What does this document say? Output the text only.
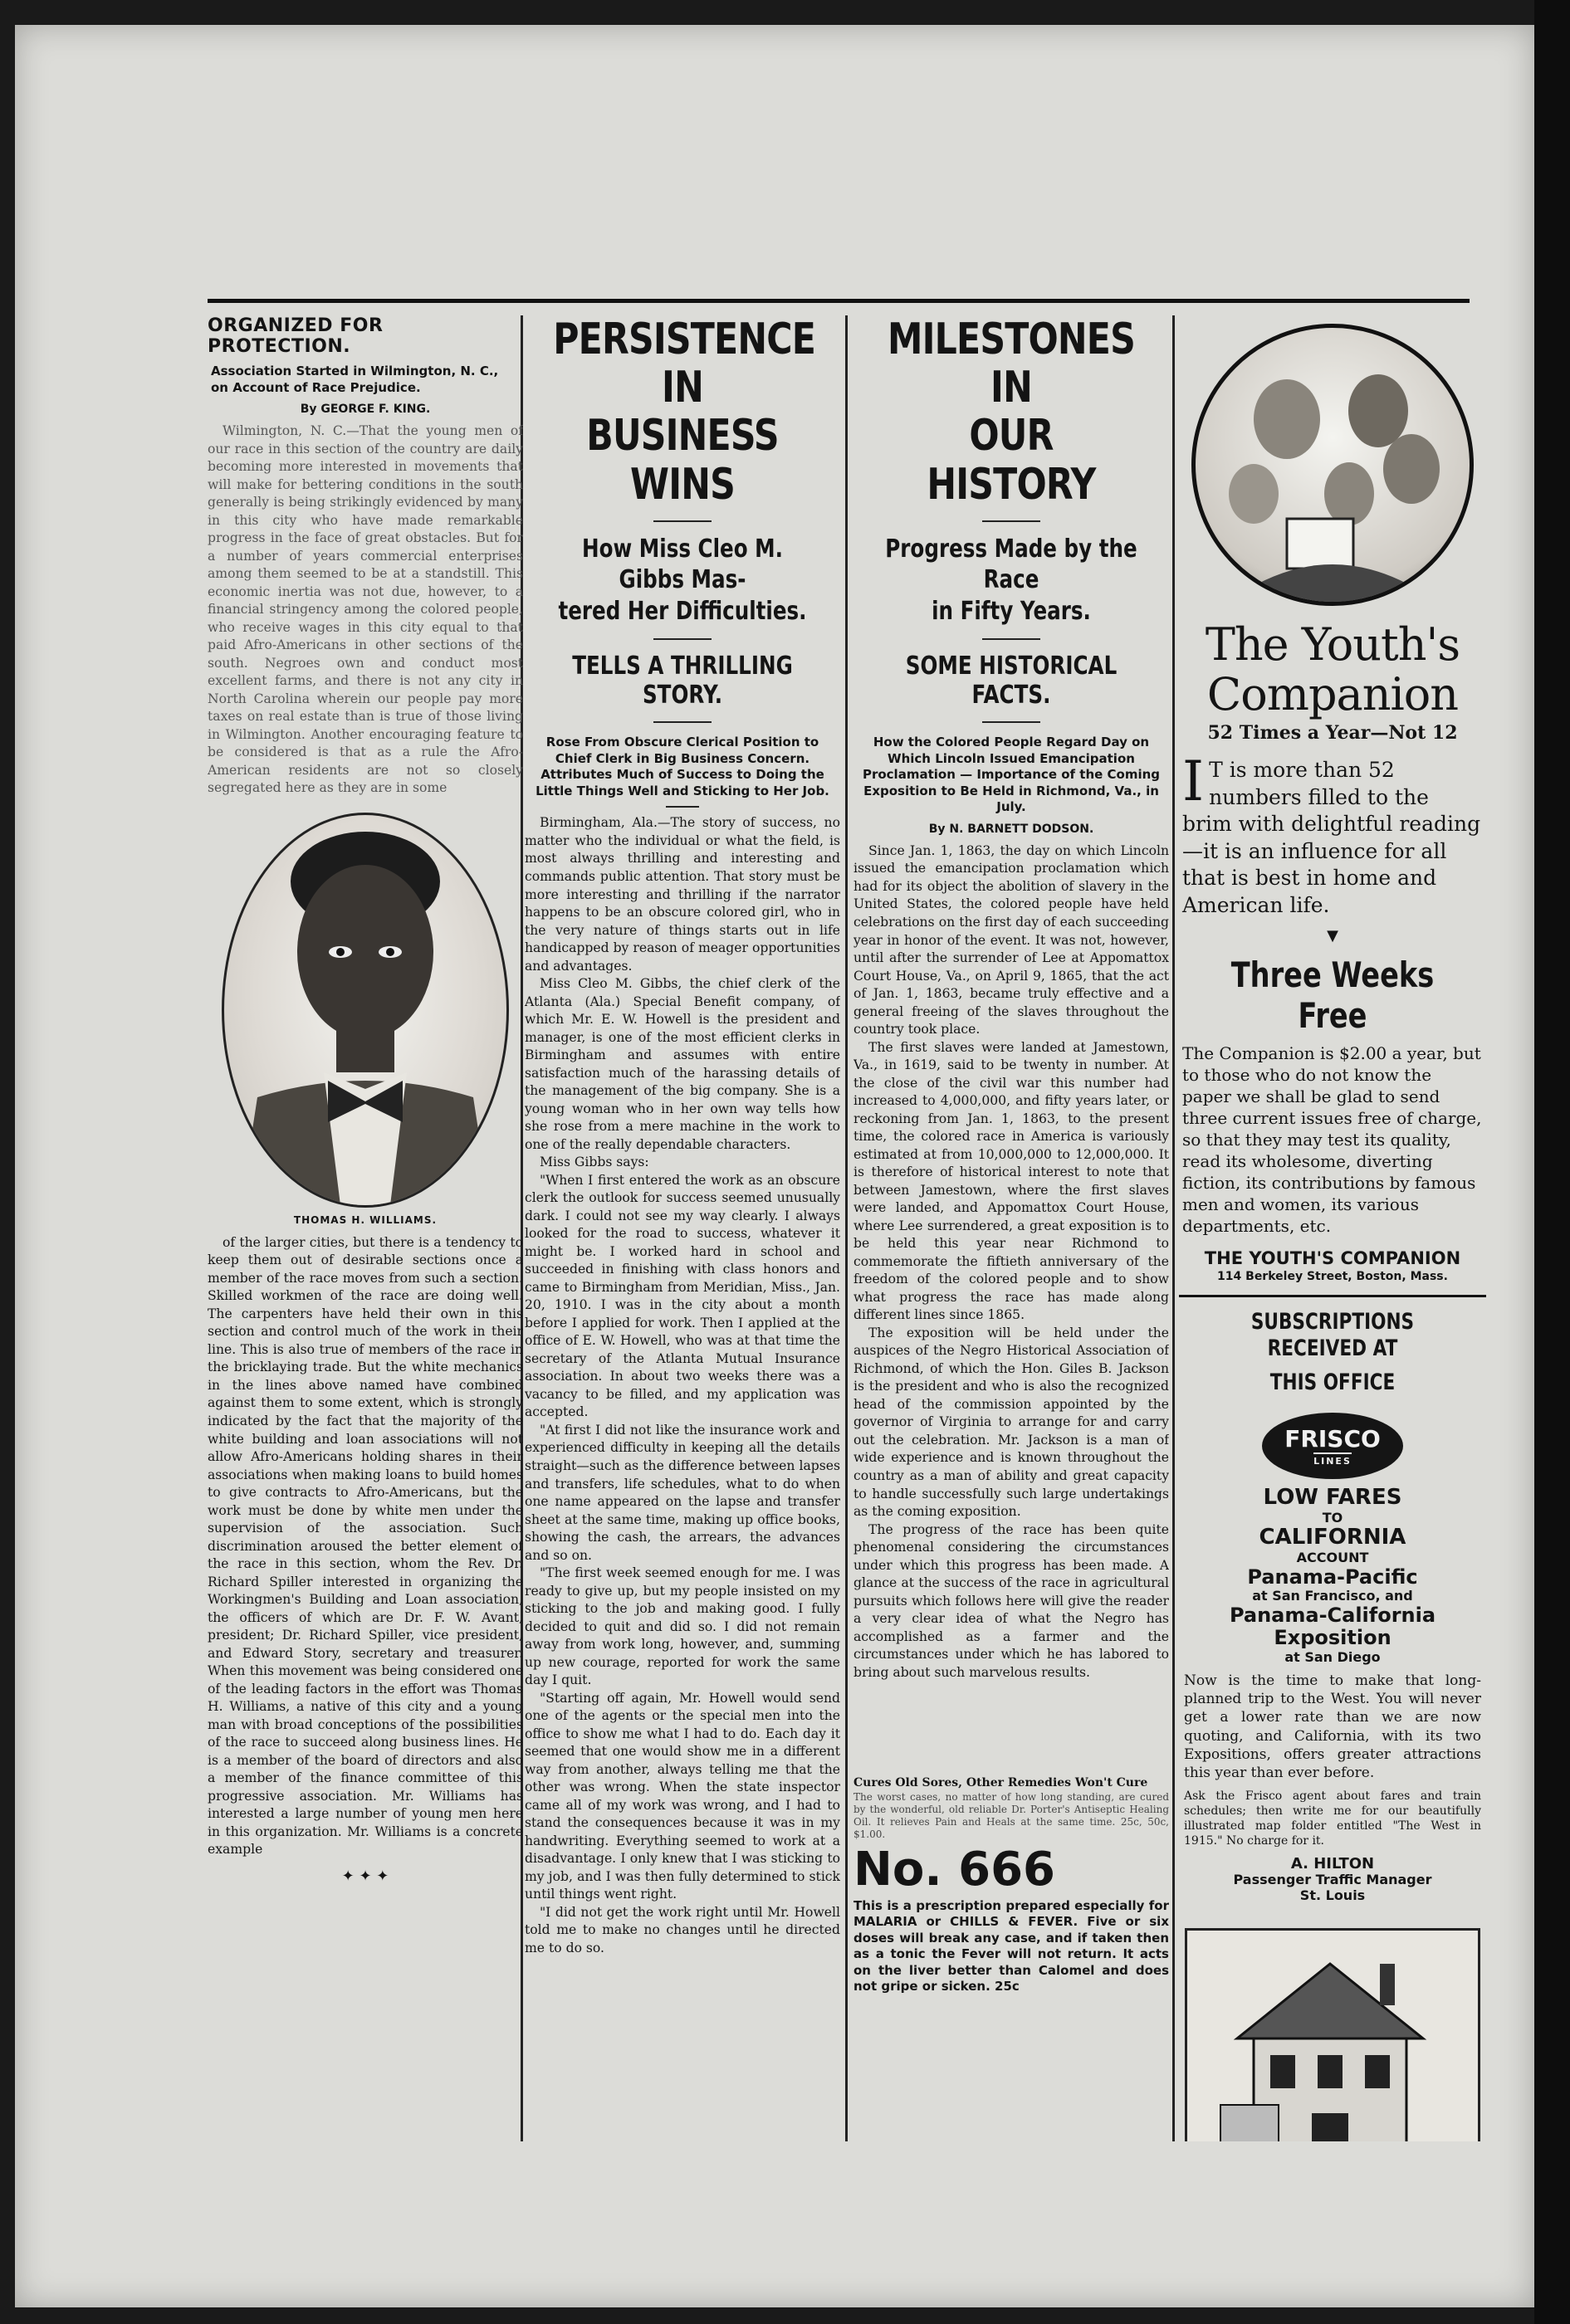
ORGANIZED FOR PROTECTION.

Association Started in Wilmington, N. C., on Account of Race Prejudice.

By GEORGE F. KING.

Wilmington, N. C.—That the young men of our race in this section of the country are daily becoming more interested in movements that will make for bettering conditions in the south generally is being strikingly evidenced by many in this city who have made remarkable progress in the face of great obstacles. But for a number of years commercial enterprises among them seemed to be at a standstill. This economic inertia was not due, however, to a financial stringency among the colored people, who receive wages in this city equal to that paid Afro-Americans in other sections of the south. Negroes own and conduct most excellent farms, and there is not any city in North Carolina wherein our people pay more taxes on real estate than is true of those living in Wilmington. Another encouraging feature to be considered is that as a rule the Afro-American residents are not so closely segregated here as they are in some

THOMAS H. WILLIAMS.

of the larger cities, but there is a tendency to keep them out of desirable sections once a member of the race moves from such a section. Skilled workmen of the race are doing well. The carpenters have held their own in this section and control much of the work in their line. This is also true of members of the race in the bricklaying trade. But the white mechanics in the lines above named have combined against them to some extent, which is strongly indicated by the fact that the majority of the white building and loan associations will not allow Afro-Americans holding shares in their associations when making loans to build homes to give contracts to Afro-Americans, but the work must be done by white men under the supervision of the association. Such discrimination aroused the better element of the race in this section, whom the Rev. Dr. Richard Spiller interested in organizing the Workingmen's Building and Loan association, the officers of which are Dr. F. W. Avant, president; Dr. Richard Spiller, vice president, and Edward Story, secretary and treasurer. When this movement was being considered one of the leading factors in the effort was Thomas H. Williams, a native of this city and a young man with broad conceptions of the possibilities of the race to succeed along business lines. He is a member of the board of directors and also a member of the finance committee of this progressive association. Mr. Williams has interested a large number of young men here in this organization. Mr. Williams is a concrete example

✦ ✦ ✦

PERSISTENCE IN

BUSINESS WINS

How Miss Cleo M. Gibbs Mas-

tered Her Difficulties.

TELLS A THRILLING STORY.

Rose From Obscure Clerical Position to Chief Clerk in Big Business Concern. Attributes Much of Success to Doing the Little Things Well and Sticking to Her Job.

Birmingham, Ala.—The story of success, no matter who the individual or what the field, is most always thrilling and interesting and commands public attention. That story must be more interesting and thrilling if the narrator happens to be an obscure colored girl, who in the very nature of things starts out in life handicapped by reason of meager opportunities and advantages.

Miss Cleo M. Gibbs, the chief clerk of the Atlanta (Ala.) Special Benefit company, of which Mr. E. W. Howell is the president and manager, is one of the most efficient clerks in Birmingham and assumes with entire satisfaction much of the harassing details of the management of the big company. She is a young woman who in her own way tells how she rose from a mere machine in the work to one of the really dependable characters.

Miss Gibbs says:

"When I first entered the work as an obscure clerk the outlook for success seemed unusually dark. I could not see my way clearly. I always looked for the road to success, whatever it might be. I worked hard in school and succeeded in finishing with class honors and came to Birmingham from Meridian, Miss., Jan. 20, 1910. I was in the city about a month before I applied for work. Then I applied at the office of E. W. Howell, who was at that time the secretary of the Atlanta Mutual Insurance association. In about two weeks there was a vacancy to be filled, and my application was accepted.

"At first I did not like the insurance work and experienced difficulty in keeping all the details straight—such as the difference between lapses and transfers, life schedules, what to do when one name appeared on the lapse and transfer sheet at the same time, making up office books, showing the cash, the arrears, the advances and so on.

"The first week seemed enough for me. I was ready to give up, but my people insisted on my sticking to the job and making good. I fully decided to quit and did so. I did not remain away from work long, however, and, summing up new courage, reported for work the same day I quit.

"Starting off again, Mr. Howell would send one of the agents or the special men into the office to show me what I had to do. Each day it seemed that one would show me in a different way from another, always telling me that the other was wrong. When the state inspector came all of my work was wrong, and I had to stand the consequences because it was in my handwriting. Everything seemed to work at a disadvantage. I only knew that I was sticking to my job, and I was then fully determined to stick until things went right.

"I did not get the work right until Mr. Howell told me to make no changes until he directed me to do so.

MILESTONES IN

OUR HISTORY

Progress Made by the Race

in Fifty Years.

SOME HISTORICAL FACTS.

How the Colored People Regard Day on Which Lincoln Issued Emancipation Proclamation — Importance of the Coming Exposition to Be Held in Richmond, Va., in July.

By N. BARNETT DODSON.

Since Jan. 1, 1863, the day on which Lincoln issued the emancipation proclamation which had for its object the abolition of slavery in the United States, the colored people have held celebrations on the first day of each succeeding year in honor of the event. It was not, however, until after the surrender of Lee at Appomattox Court House, Va., on April 9, 1865, that the act of Jan. 1, 1863, became truly effective and a general freeing of the slaves throughout the country took place.

The first slaves were landed at Jamestown, Va., in 1619, said to be twenty in number. At the close of the civil war this number had increased to 4,000,000, and fifty years later, or reckoning from Jan. 1, 1863, to the present time, the colored race in America is variously estimated at from 10,000,000 to 12,000,000. It is therefore of historical interest to note that between Jamestown, where the first slaves were landed, and Appomattox Court House, where Lee surrendered, a great exposition is to be held this year near Richmond to commemorate the fiftieth anniversary of the freedom of the colored people and to show what progress the race has made along different lines since 1865.

The exposition will be held under the auspices of the Negro Historical Association of Richmond, of which the Hon. Giles B. Jackson is the president and who is also the recognized head of the commission appointed by the governor of Virginia to arrange for and carry out the celebration. Mr. Jackson is a man of wide experience and is known throughout the country as a man of ability and great capacity to handle successfully such large undertakings as the coming exposition.

The progress of the race has been quite phenomenal considering the circumstances under which this progress has been made. A glance at the success of the race in agricultural pursuits which follows here will give the reader a very clear idea of what the Negro has accomplished as a farmer and the circumstances under which he has labored to bring about such marvelous results.

Cures Old Sores, Other Remedies Won't Cure

The worst cases, no matter of how long standing, are cured by the wonderful, old reliable Dr. Porter's Antiseptic Healing Oil. It relieves Pain and Heals at the same time. 25c, 50c, $1.00.

No. 666

This is a prescription prepared especially for MALARIA or CHILLS & FEVER. Five or six doses will break any case, and if taken then as a tonic the Fever will not return. It acts on the liver better than Calomel and does not gripe or sicken. 25c

The Youth's

Companion

52 Times a Year—Not 12

I T is more than 52 numbers filled to the brim with delightful reading—it is an influence for all that is best in home and American life.

▼

Three Weeks Free

The Companion is $2.00 a year, but to those who do not know the paper we shall be glad to send three current issues free of charge, so that they may test its quality, read its wholesome, diverting fiction, its contributions by famous men and women, its various departments, etc.

THE YOUTH'S COMPANION

114 Berkeley Street, Boston, Mass.

SUBSCRIPTIONS RECEIVED AT

THIS OFFICE

FRISCO
LINES

LOW FARES

TO

CALIFORNIA

ACCOUNT

Panama-Pacific

at San Francisco, and

Panama-California

Exposition

at San Diego

Now is the time to make that long-planned trip to the West. You will never get a lower rate than we are now quoting, and California, with its two Expositions, offers greater attractions this year than ever before.

Ask the Frisco agent about fares and train schedules; then write me for our beautifully illustrated map folder entitled "The West in 1915." No charge for it.

A. HILTON

Passenger Traffic Manager

St. Louis
